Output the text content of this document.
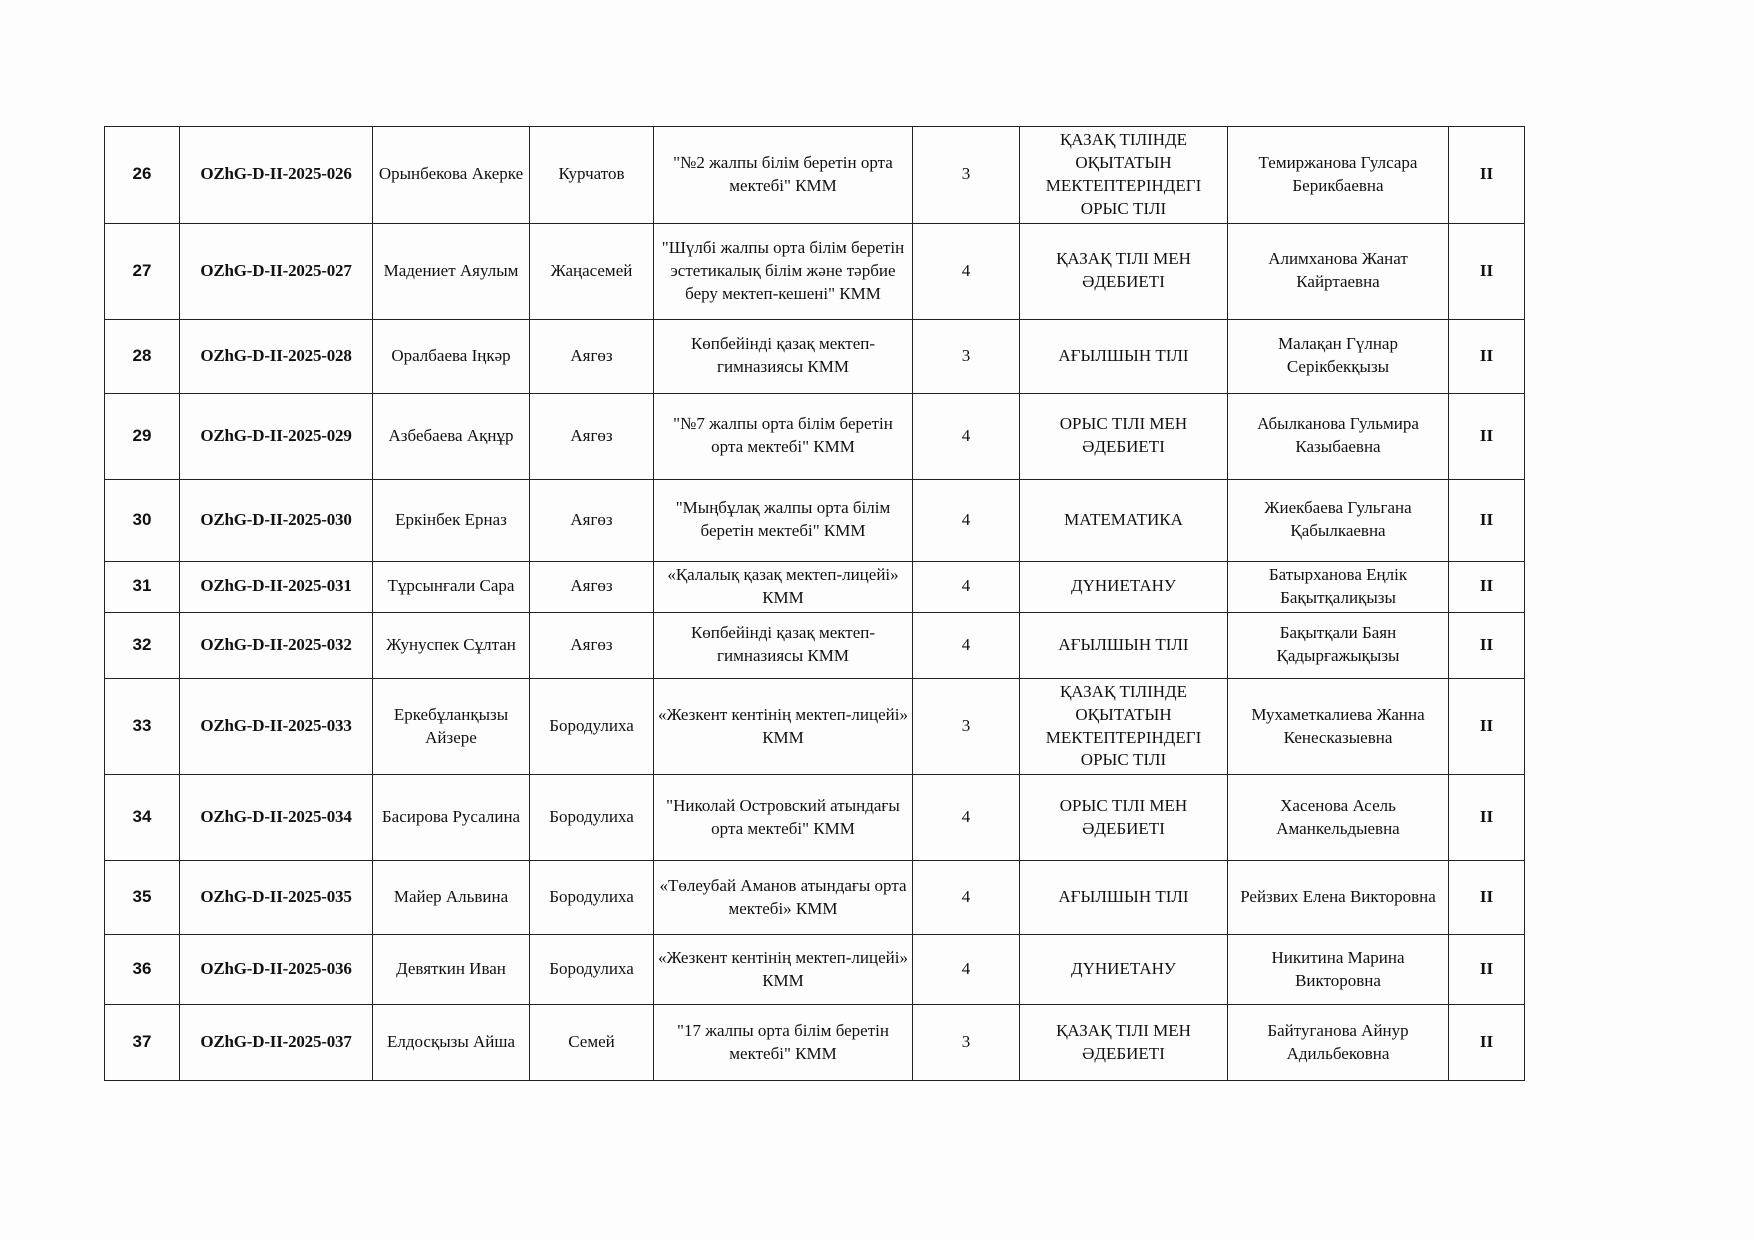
26	OZhG-D-II-2025-026	Орынбекова Акерке	Курчатов	"№2 жалпы білім беретін орта мектебі" КММ	3	ҚАЗАҚ ТІЛІНДЕ ОҚЫТАТЫН МЕКТЕПТЕРІНДЕГІ ОРЫС ТІЛІ	Темиржанова Гулсара Берикбаевна	II
27	OZhG-D-II-2025-027	Мадениет Аяулым	Жаңасемей	"Шүлбі жалпы орта білім беретін эстетикалық білім және тәрбие беру мектеп-кешені" КММ	4	ҚАЗАҚ ТІЛІ МЕН ӘДЕБИЕТІ	Алимханова Жанат Кайртаевна	II
28	OZhG-D-II-2025-028	Оралбаева Іңкәр	Аягөз	Көпбейінді қазақ мектеп-гимназиясы КММ	3	АҒЫЛШЫН ТІЛІ	Малақан Гүлнар Серікбекқызы	II
29	OZhG-D-II-2025-029	Азбебаева Ақнұр	Аягөз	"№7 жалпы орта білім беретін орта мектебі" КММ	4	ОРЫС ТІЛІ МЕН ӘДЕБИЕТІ	Абылканова Гульмира Казыбаевна	II
30	OZhG-D-II-2025-030	Еркінбек Ерназ	Аягөз	"Мыңбұлақ жалпы орта білім беретін мектебі" КММ	4	МАТЕМАТИКА	Жиекбаева Гульгана Қабылкаевна	II
31	OZhG-D-II-2025-031	Тұрсынғали Сара	Аягөз	«Қалалық қазақ мектеп-лицейі» КММ	4	ДҮНИЕТАНУ	Батырханова Еңлік Бақытқалиқызы	II
32	OZhG-D-II-2025-032	Жунуспек Сұлтан	Аягөз	Көпбейінді қазақ мектеп-гимназиясы КММ	4	АҒЫЛШЫН ТІЛІ	Бақытқали Баян Қадырғажықызы	II
33	OZhG-D-II-2025-033	Еркебұланқызы Айзере	Бородулиха	«Жезкент кентінің мектеп-лицейі» КММ	3	ҚАЗАҚ ТІЛІНДЕ ОҚЫТАТЫН МЕКТЕПТЕРІНДЕГІ ОРЫС ТІЛІ	Мухаметкалиева Жанна Кенесказыевна	II
34	OZhG-D-II-2025-034	Басирова Русалина	Бородулиха	"Николай Островский атындағы орта мектебі" КММ	4	ОРЫС ТІЛІ МЕН ӘДЕБИЕТІ	Хасенова Асель Аманкельдыевна	II
35	OZhG-D-II-2025-035	Майер Альвина	Бородулиха	«Төлеубай Аманов атындағы орта мектебі» КММ	4	АҒЫЛШЫН ТІЛІ	Рейзвих Елена Викторовна	II
36	OZhG-D-II-2025-036	Девяткин Иван	Бородулиха	«Жезкент кентінің мектеп-лицейі» КММ	4	ДҮНИЕТАНУ	Никитина Марина Викторовна	II
37	OZhG-D-II-2025-037	Елдосқызы Айша	Семей	"17 жалпы орта білім беретін мектебі" КММ	3	ҚАЗАҚ ТІЛІ МЕН ӘДЕБИЕТІ	Байтуганова Айнур Адильбековна	II
